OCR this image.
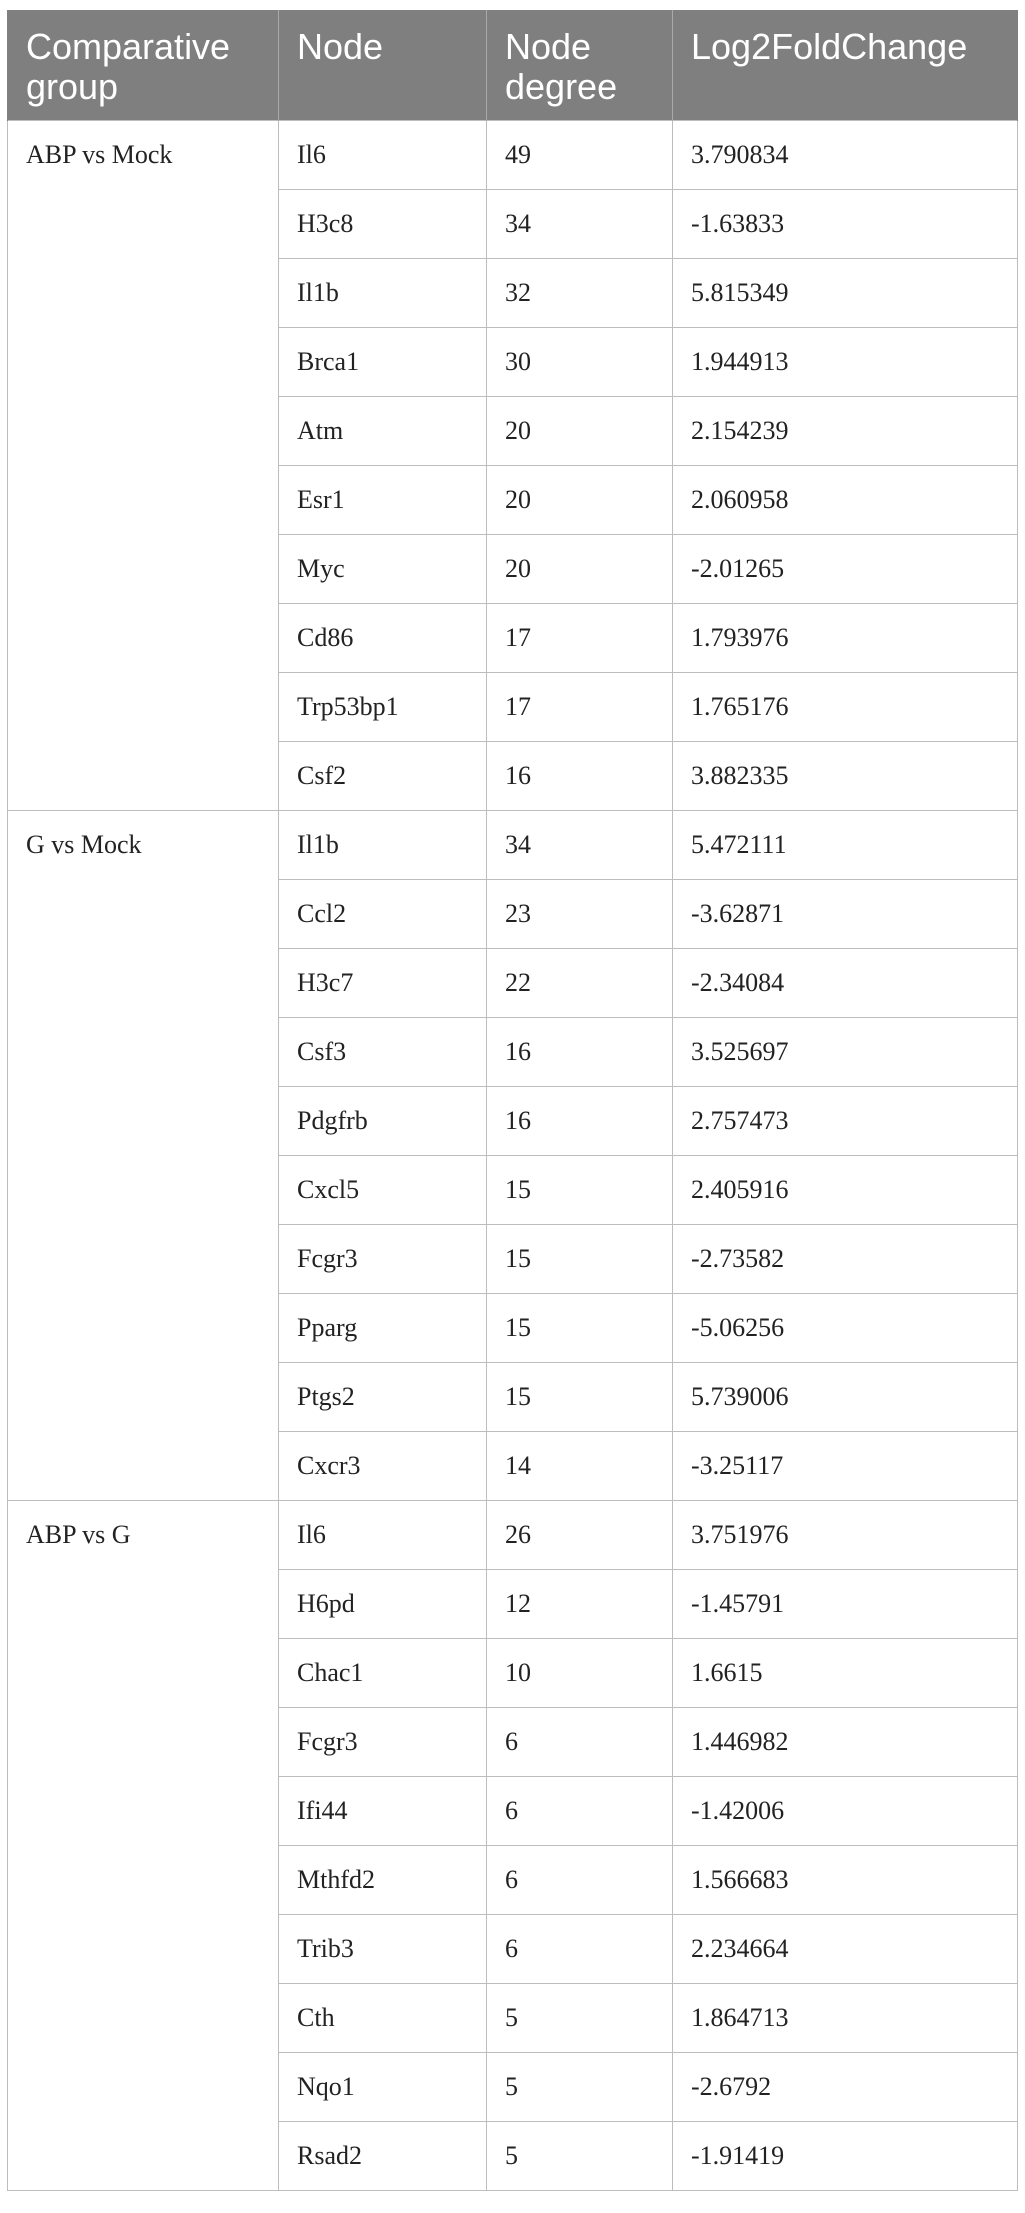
Comparative group	Node	Node degree	Log2FoldChange
ABP vs Mock	Il6	49	3.790834
	H3c8	34	-1.63833
	Il1b	32	5.815349
	Brca1	30	1.944913
	Atm	20	2.154239
	Esr1	20	2.060958
	Myc	20	-2.01265
	Cd86	17	1.793976
	Trp53bp1	17	1.765176
	Csf2	16	3.882335
G vs Mock	Il1b	34	5.472111
	Ccl2	23	-3.62871
	H3c7	22	-2.34084
	Csf3	16	3.525697
	Pdgfrb	16	2.757473
	Cxcl5	15	2.405916
	Fcgr3	15	-2.73582
	Pparg	15	-5.06256
	Ptgs2	15	5.739006
	Cxcr3	14	-3.25117
ABP vs G	Il6	26	3.751976
	H6pd	12	-1.45791
	Chac1	10	1.6615
	Fcgr3	6	1.446982
	Ifi44	6	-1.42006
	Mthfd2	6	1.566683
	Trib3	6	2.234664
	Cth	5	1.864713
	Nqo1	5	-2.6792
	Rsad2	5	-1.91419
